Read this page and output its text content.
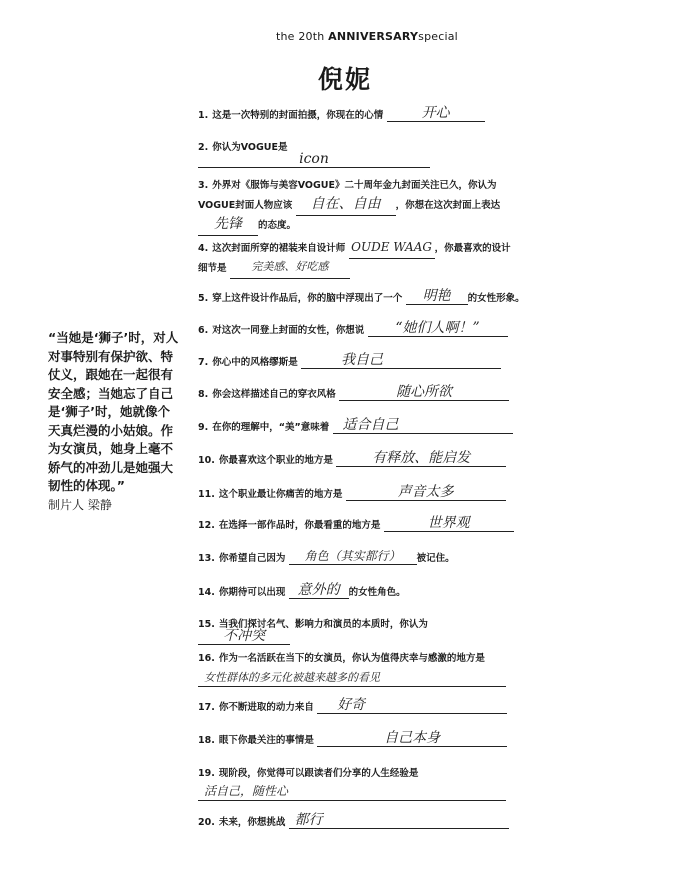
the 20th ANNIVERSARYspecial
倪妮
“当她是‘狮子’时，对人对事特别有保护欲、特仗义，跟她在一起很有安全感；当她忘了自己是‘狮子’时，她就像个天真烂漫的小姑娘。作为女演员，她身上毫不娇气的冲劲儿是她强大韧性的体现。”
制片人 梁静
1. 这是一次特别的封面拍摄，你现在的心情	开心
2. 你认为VOGUE是
icon
3. 外界对《服饰与美容VOGUE》二十周年金九封面关注已久，你认为VOGUE封面人物应该	自在、自由	，你想在这次封面上表达
先锋	的态度。
4. 这次封面所穿的裙装来自设计师 OUDE WAAG ，你最喜欢的设计细节是	完美感、好吃感
5. 穿上这件设计作品后，你的脑中浮现出了一个	明艳	的女性形象。
6. 对这次一同登上封面的女性，你想说	“她们人啊！”
7. 你心中的风格缪斯是	我自己
8. 你会这样描述自己的穿衣风格	随心所欲
9. 在你的理解中，“美”意味着 适合自己
10. 你最喜欢这个职业的地方是	有释放、能启发
11. 这个职业最让你痛苦的地方是	声音太多
12. 在选择一部作品时，你最看重的地方是	世界观
13. 你希望自己因为	角色（其实都行）	被记住。
14. 你期待可以出现 意外的 的女性角色。
15. 当我们探讨名气、影响力和演员的本质时，你认为
不冲突
16. 作为一名活跃在当下的女演员，你认为值得庆幸与感激的地方是
女性群体的多元化被越来越多的看见
17. 你不断进取的动力来自 好奇
18. 眼下你最关注的事情是	自己本身
19. 现阶段，你觉得可以跟读者们分享的人生经验是
活自己，随性心
20. 未来，你想挑战 都行
